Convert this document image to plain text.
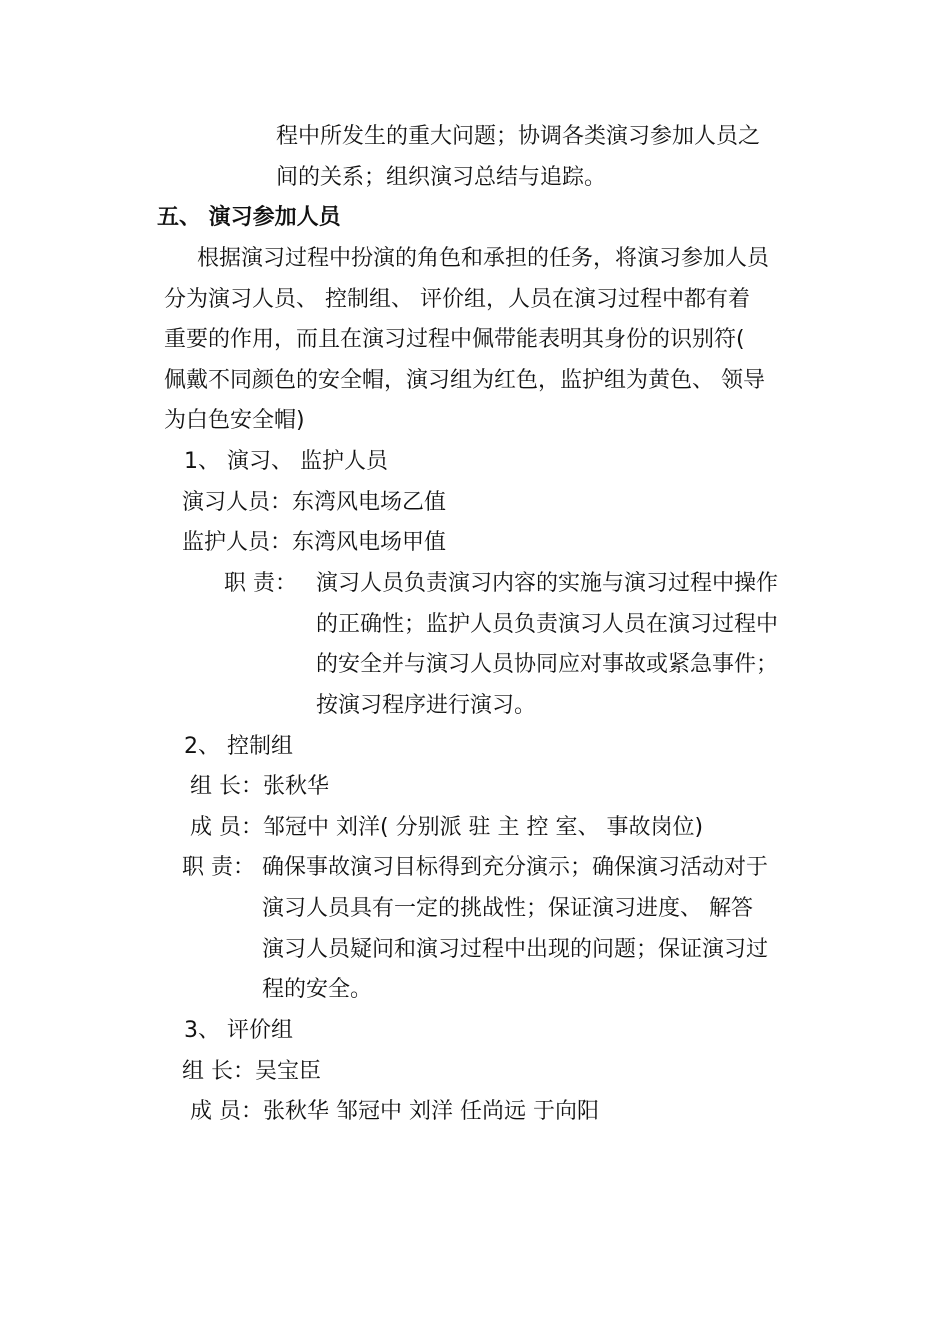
程中所发生的重大问题；协调各类演习参加人员之
间的关系；组织演习总结与追踪。
五、 演习参加人员
根据演习过程中扮演的角色和承担的任务，将演习参加人员
分为演习人员、 控制组、 评价组，人员在演习过程中都有着
重要的作用，而且在演习过程中佩带能表明其身份的识别符(
佩戴不同颜色的安全帽，演习组为红色，监护组为黄色、 领导
为白色安全帽)
1、 演习、 监护人员
演习人员：东湾风电场乙值
监护人员：东湾风电场甲值
职 责： 演习人员负责演习内容的实施与演习过程中操作
的正确性；监护人员负责演习人员在演习过程中
的安全并与演习人员协同应对事故或紧急事件；
按演习程序进行演习。
2、 控制组
组 长：张秋华
成 员：邹冠中 刘洋( 分别派 驻 主 控 室、 事故岗位)
职 责： 确保事故演习目标得到充分演示；确保演习活动对于
演习人员具有一定的挑战性；保证演习进度、 解答
演习人员疑问和演习过程中出现的问题；保证演习过
程的安全。
3、 评价组
组 长：吴宝臣
成 员：张秋华 邹冠中 刘洋 任尚远 于向阳
